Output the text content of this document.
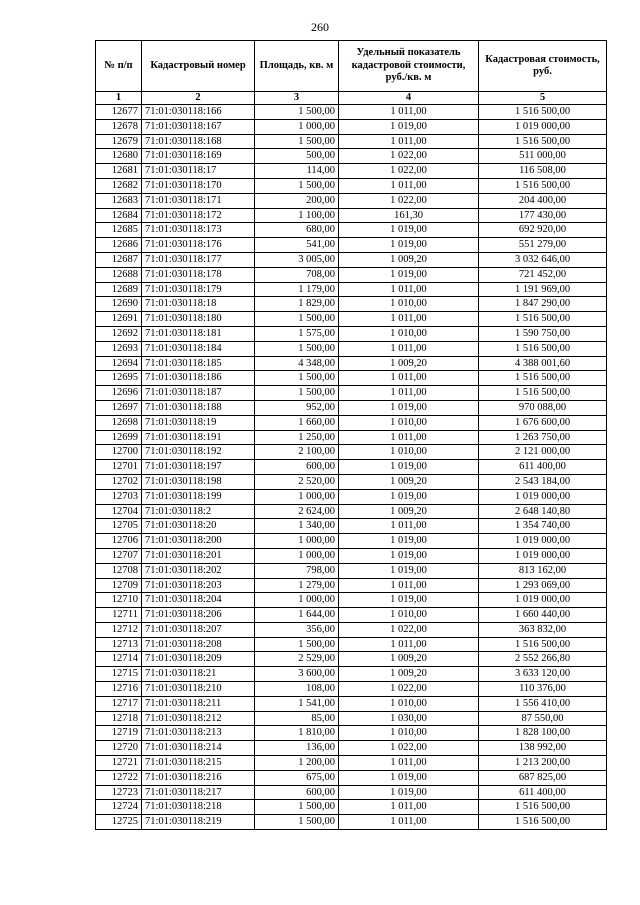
260
№ п/п	Кадастровый номер	Площадь, кв. м	Удельный показатель кадастровой стоимости, руб./кв. м	Кадастровая стоимость, руб.
1	2	3	4	5
12677	71:01:030118:166	1 500,00	1 011,00	1 516 500,00
12678	71:01:030118:167	1 000,00	1 019,00	1 019 000,00
12679	71:01:030118:168	1 500,00	1 011,00	1 516 500,00
12680	71:01:030118:169	500,00	1 022,00	511 000,00
12681	71:01:030118:17	114,00	1 022,00	116 508,00
12682	71:01:030118:170	1 500,00	1 011,00	1 516 500,00
12683	71:01:030118:171	200,00	1 022,00	204 400,00
12684	71:01:030118:172	1 100,00	161,30	177 430,00
12685	71:01:030118:173	680,00	1 019,00	692 920,00
12686	71:01:030118:176	541,00	1 019,00	551 279,00
12687	71:01:030118:177	3 005,00	1 009,20	3 032 646,00
12688	71:01:030118:178	708,00	1 019,00	721 452,00
12689	71:01:030118:179	1 179,00	1 011,00	1 191 969,00
12690	71:01:030118:18	1 829,00	1 010,00	1 847 290,00
12691	71:01:030118:180	1 500,00	1 011,00	1 516 500,00
12692	71:01:030118:181	1 575,00	1 010,00	1 590 750,00
12693	71:01:030118:184	1 500,00	1 011,00	1 516 500,00
12694	71:01:030118:185	4 348,00	1 009,20	4 388 001,60
12695	71:01:030118:186	1 500,00	1 011,00	1 516 500,00
12696	71:01:030118:187	1 500,00	1 011,00	1 516 500,00
12697	71:01:030118:188	952,00	1 019,00	970 088,00
12698	71:01:030118:19	1 660,00	1 010,00	1 676 600,00
12699	71:01:030118:191	1 250,00	1 011,00	1 263 750,00
12700	71:01:030118:192	2 100,00	1 010,00	2 121 000,00
12701	71:01:030118:197	600,00	1 019,00	611 400,00
12702	71:01:030118:198	2 520,00	1 009,20	2 543 184,00
12703	71:01:030118:199	1 000,00	1 019,00	1 019 000,00
12704	71:01:030118:2	2 624,00	1 009,20	2 648 140,80
12705	71:01:030118:20	1 340,00	1 011,00	1 354 740,00
12706	71:01:030118:200	1 000,00	1 019,00	1 019 000,00
12707	71:01:030118:201	1 000,00	1 019,00	1 019 000,00
12708	71:01:030118:202	798,00	1 019,00	813 162,00
12709	71:01:030118:203	1 279,00	1 011,00	1 293 069,00
12710	71:01:030118:204	1 000,00	1 019,00	1 019 000,00
12711	71:01:030118:206	1 644,00	1 010,00	1 660 440,00
12712	71:01:030118:207	356,00	1 022,00	363 832,00
12713	71:01:030118:208	1 500,00	1 011,00	1 516 500,00
12714	71:01:030118:209	2 529,00	1 009,20	2 552 266,80
12715	71:01:030118:21	3 600,00	1 009,20	3 633 120,00
12716	71:01:030118:210	108,00	1 022,00	110 376,00
12717	71:01:030118:211	1 541,00	1 010,00	1 556 410,00
12718	71:01:030118:212	85,00	1 030,00	87 550,00
12719	71:01:030118:213	1 810,00	1 010,00	1 828 100,00
12720	71:01:030118:214	136,00	1 022,00	138 992,00
12721	71:01:030118:215	1 200,00	1 011,00	1 213 200,00
12722	71:01:030118:216	675,00	1 019,00	687 825,00
12723	71:01:030118:217	600,00	1 019,00	611 400,00
12724	71:01:030118:218	1 500,00	1 011,00	1 516 500,00
12725	71:01:030118:219	1 500,00	1 011,00	1 516 500,00
